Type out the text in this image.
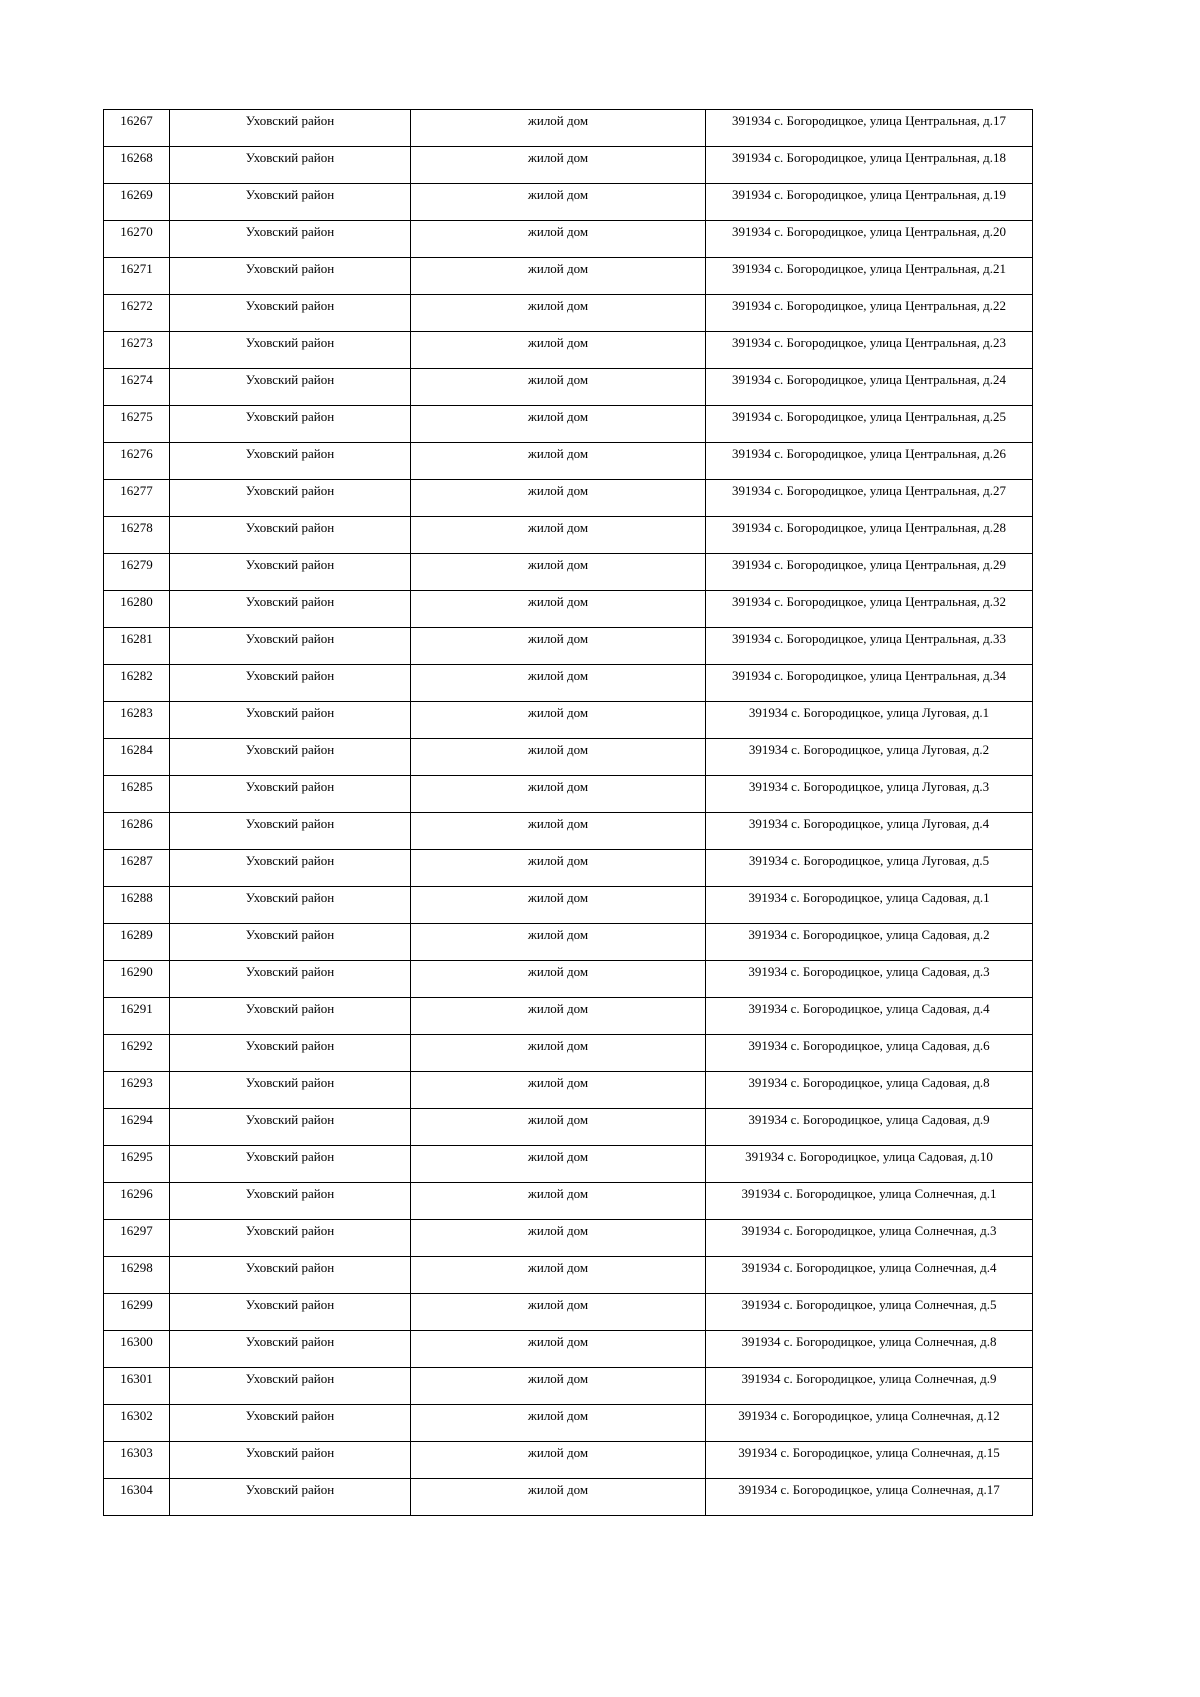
16267	Уховский район	жилой дом	391934 с. Богородицкое, улица Центральная, д.17

16268	Уховский район	жилой дом	391934 с. Богородицкое, улица Центральная, д.18

16269	Уховский район	жилой дом	391934 с. Богородицкое, улица Центральная, д.19

16270	Уховский район	жилой дом	391934 с. Богородицкое, улица Центральная, д.20

16271	Уховский район	жилой дом	391934 с. Богородицкое, улица Центральная, д.21

16272	Уховский район	жилой дом	391934 с. Богородицкое, улица Центральная, д.22

16273	Уховский район	жилой дом	391934 с. Богородицкое, улица Центральная, д.23

16274	Уховский район	жилой дом	391934 с. Богородицкое, улица Центральная, д.24

16275	Уховский район	жилой дом	391934 с. Богородицкое, улица Центральная, д.25

16276	Уховский район	жилой дом	391934 с. Богородицкое, улица Центральная, д.26

16277	Уховский район	жилой дом	391934 с. Богородицкое, улица Центральная, д.27

16278	Уховский район	жилой дом	391934 с. Богородицкое, улица Центральная, д.28

16279	Уховский район	жилой дом	391934 с. Богородицкое, улица Центральная, д.29

16280	Уховский район	жилой дом	391934 с. Богородицкое, улица Центральная, д.32

16281	Уховский район	жилой дом	391934 с. Богородицкое, улица Центральная, д.33

16282	Уховский район	жилой дом	391934 с. Богородицкое, улица Центральная, д.34

16283	Уховский район	жилой дом	391934 с. Богородицкое, улица Луговая, д.1

16284	Уховский район	жилой дом	391934 с. Богородицкое, улица Луговая, д.2

16285	Уховский район	жилой дом	391934 с. Богородицкое, улица Луговая, д.3

16286	Уховский район	жилой дом	391934 с. Богородицкое, улица Луговая, д.4

16287	Уховский район	жилой дом	391934 с. Богородицкое, улица Луговая, д.5

16288	Уховский район	жилой дом	391934 с. Богородицкое, улица Садовая, д.1

16289	Уховский район	жилой дом	391934 с. Богородицкое, улица Садовая, д.2

16290	Уховский район	жилой дом	391934 с. Богородицкое, улица Садовая, д.3

16291	Уховский район	жилой дом	391934 с. Богородицкое, улица Садовая, д.4

16292	Уховский район	жилой дом	391934 с. Богородицкое, улица Садовая, д.6

16293	Уховский район	жилой дом	391934 с. Богородицкое, улица Садовая, д.8

16294	Уховский район	жилой дом	391934 с. Богородицкое, улица Садовая, д.9

16295	Уховский район	жилой дом	391934 с. Богородицкое, улица Садовая, д.10

16296	Уховский район	жилой дом	391934 с. Богородицкое, улица Солнечная, д.1

16297	Уховский район	жилой дом	391934 с. Богородицкое, улица Солнечная, д.3

16298	Уховский район	жилой дом	391934 с. Богородицкое, улица Солнечная, д.4

16299	Уховский район	жилой дом	391934 с. Богородицкое, улица Солнечная, д.5

16300	Уховский район	жилой дом	391934 с. Богородицкое, улица Солнечная, д.8

16301	Уховский район	жилой дом	391934 с. Богородицкое, улица Солнечная, д.9

16302	Уховский район	жилой дом	391934 с. Богородицкое, улица Солнечная, д.12

16303	Уховский район	жилой дом	391934 с. Богородицкое, улица Солнечная, д.15

16304	Уховский район	жилой дом	391934 с. Богородицкое, улица Солнечная, д.17
